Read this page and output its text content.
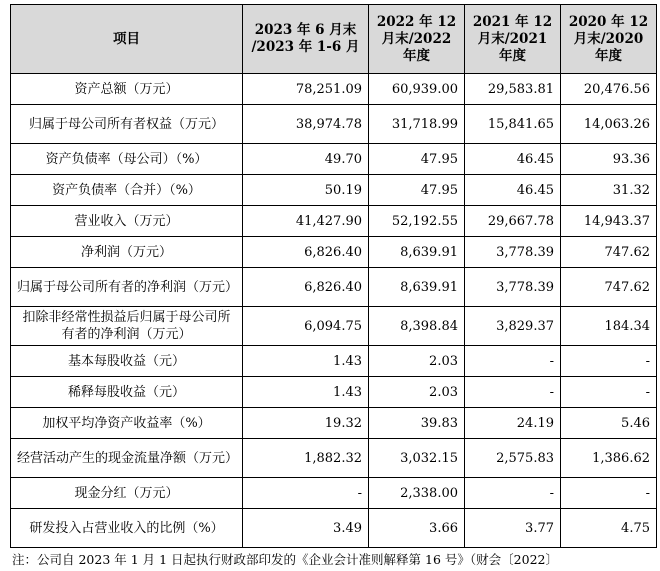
项目	2023 年 6 月末 /2023 年 1-6 月	2022 年 12 月末/2022 年度	2021 年 12 月末/2021 年度	2020 年 12 月末/2020 年度
资产总额（万元）	78,251.09	60,939.00	29,583.81	20,476.56
归属于母公司所有者权益（万元）	38,974.78	31,718.99	15,841.65	14,063.26
资产负债率（母公司）（%）	49.70	47.95	46.45	93.36
资产负债率（合并）（%）	50.19	47.95	46.45	31.32
营业收入（万元）	41,427.90	52,192.55	29,667.78	14,943.37
净利润（万元）	6,826.40	8,639.91	3,778.39	747.62
归属于母公司所有者的净利润（万元）	6,826.40	8,639.91	3,778.39	747.62
扣除非经常性损益后归属于母公司所有者的净利润（万元）	6,094.75	8,398.84	3,829.37	184.34
基本每股收益（元）	1.43	2.03	-	-
稀释每股收益（元）	1.43	2.03	-	-
加权平均净资产收益率（%）	19.32	39.83	24.19	5.46
经营活动产生的现金流量净额（万元）	1,882.32	3,032.15	2,575.83	1,386.62
现金分红（万元）	-	2,338.00	-	-
研发投入占营业收入的比例（%）	3.49	3.66	3.77	4.75
注：公司自 2023 年 1 月 1 日起执行财政部印发的《企业会计准则解释第 16 号》（财会〔2022〕
